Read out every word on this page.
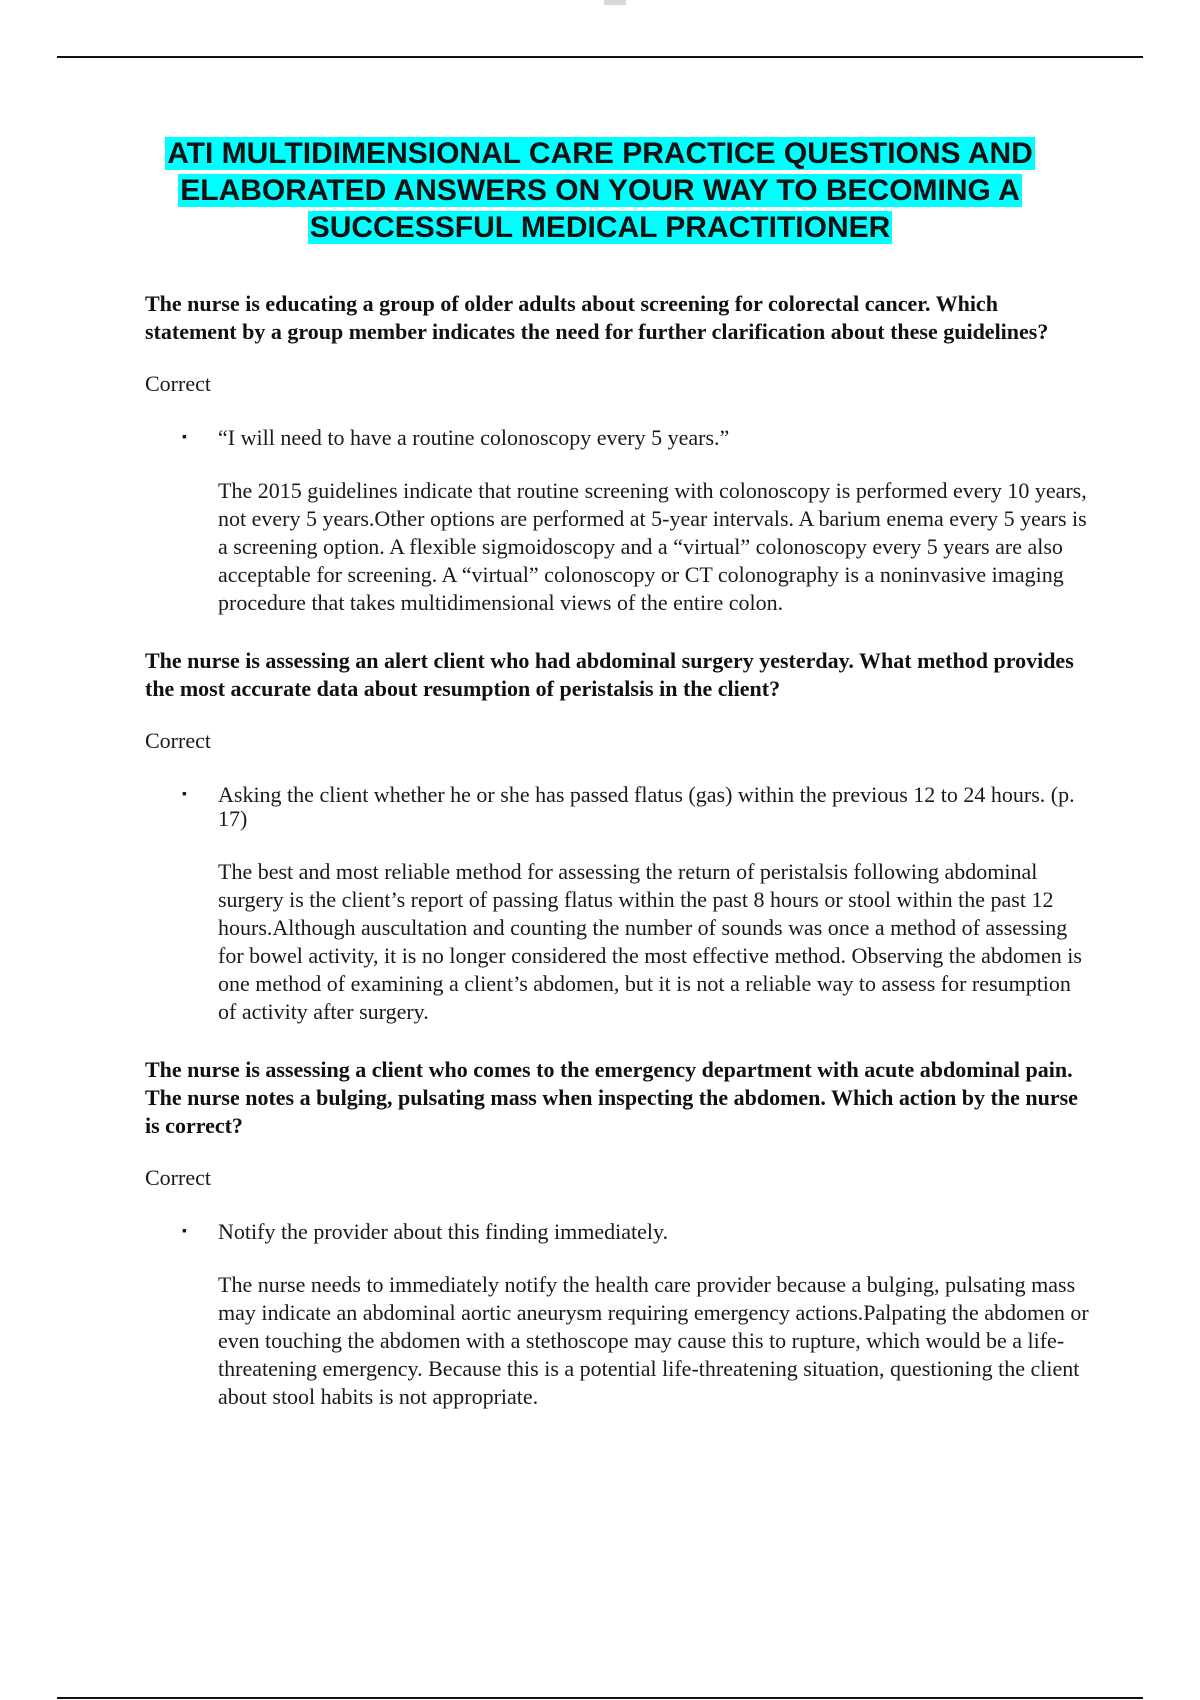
ATI MULTIDIMENSIONAL CARE PRACTICE QUESTIONS AND
ELABORATED ANSWERS ON YOUR WAY TO BECOMING A
SUCCESSFUL MEDICAL PRACTITIONER

The nurse is educating a group of older adults about screening for colorectal cancer. Which statement by a group member indicates the need for further clarification about these guidelines?

Correct

▪ “I will need to have a routine colonoscopy every 5 years.”

The 2015 guidelines indicate that routine screening with colonoscopy is performed every 10 years, not every 5 years.Other options are performed at 5-year intervals. A barium enema every 5 years is a screening option. A flexible sigmoidoscopy and a “virtual” colonoscopy every 5 years are also acceptable for screening. A “virtual” colonoscopy or CT colonography is a noninvasive imaging procedure that takes multidimensional views of the entire colon.

The nurse is assessing an alert client who had abdominal surgery yesterday. What method provides the most accurate data about resumption of peristalsis in the client?

Correct

▪ Asking the client whether he or she has passed flatus (gas) within the previous 12 to 24 hours. (p. 17)

The best and most reliable method for assessing the return of peristalsis following abdominal surgery is the client’s report of passing flatus within the past 8 hours or stool within the past 12 hours.Although auscultation and counting the number of sounds was once a method of assessing for bowel activity, it is no longer considered the most effective method. Observing the abdomen is one method of examining a client’s abdomen, but it is not a reliable way to assess for resumption of activity after surgery.

The nurse is assessing a client who comes to the emergency department with acute abdominal pain. The nurse notes a bulging, pulsating mass when inspecting the abdomen. Which action by the nurse is correct?

Correct

▪ Notify the provider about this finding immediately.

The nurse needs to immediately notify the health care provider because a bulging, pulsating mass may indicate an abdominal aortic aneurysm requiring emergency actions.Palpating the abdomen or even touching the abdomen with a stethoscope may cause this to rupture, which would be a life-threatening emergency. Because this is a potential life-threatening situation, questioning the client about stool habits is not appropriate.
